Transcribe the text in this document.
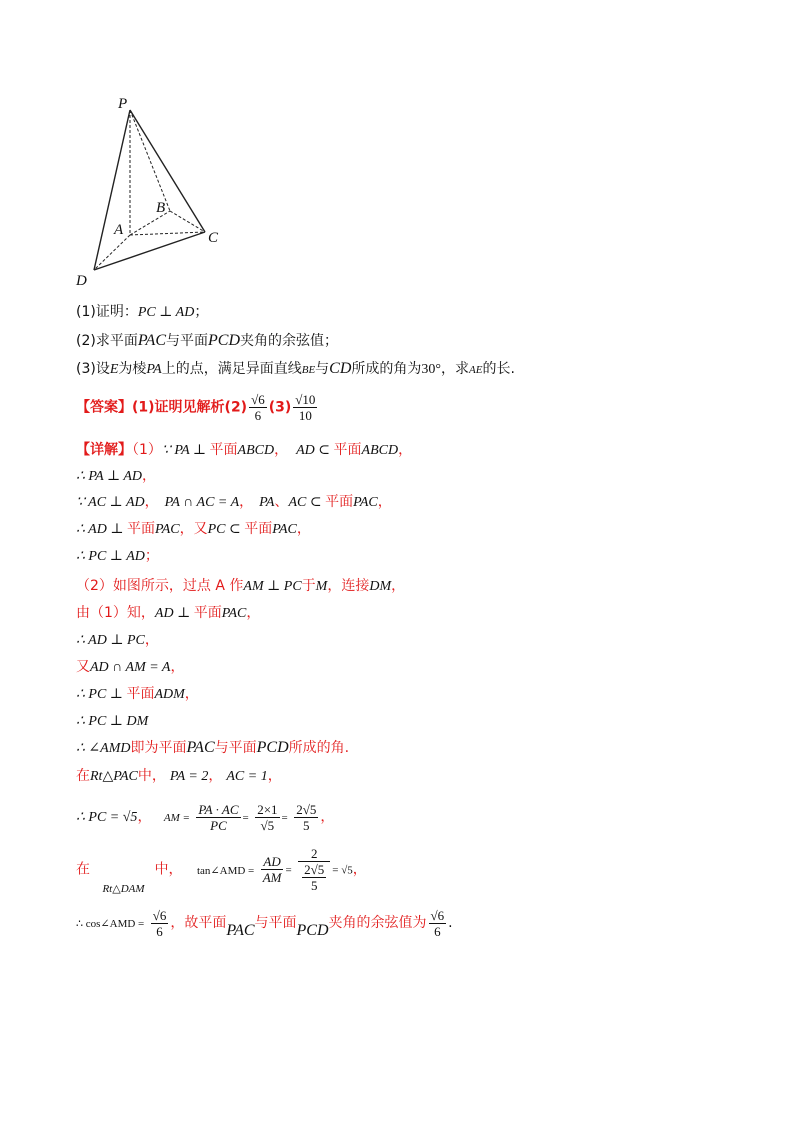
P
A
B
C
D
(1)证明：PC ⊥ AD；
(2)求平面PAC与平面PCD夹角的余弦值；
(3)设E为棱PA上的点，满足异面直线BE与CD所成的角为30°，求AE的长.
【答案】(1)证明见解析$(2) \frac{√6}{6} (3) \frac{√10}{10}$
【详解】（1）∵ PA ⊥ 平面ABCD， AD ⊂ 平面ABCD，
∴ PA ⊥ AD，
∵ AC ⊥ AD， PA ∩ AC = A， PA、AC ⊂ 平面PAC，
∴ AD ⊥ 平面PAC，又PC ⊂ 平面PAC，
∴ PC ⊥ AD；
（2）如图所示，过点 A 作AM ⊥ PC于M，连接DM，
由（1）知，AD ⊥ 平面PAC，
∴ AD ⊥ PC，
又AD ∩ AM = A，
∴ PC ⊥ 平面ADM，
∴ PC ⊥ DM
∴ ∠AMD即为平面PAC与平面PCD所成的角.
在Rt△PAC中， PA = 2， AC = 1，
∴ PC = √5， AM = $\frac{PA \cdot AC}{PC} = \frac{2\times 1}{√5} = \frac{2√5}{5}$ ，
在 $_{Rt\triangle DAM}$中， tan∠AMD = $\frac{AD}{AM} = \frac{2}{\frac{2√5}{5}} = √5$，
∴ cos∠AMD = $\frac{√6}{6}$ ，故平面PAC与平面PCD夹角的余弦值为 $\frac{√6}{6}$ .
